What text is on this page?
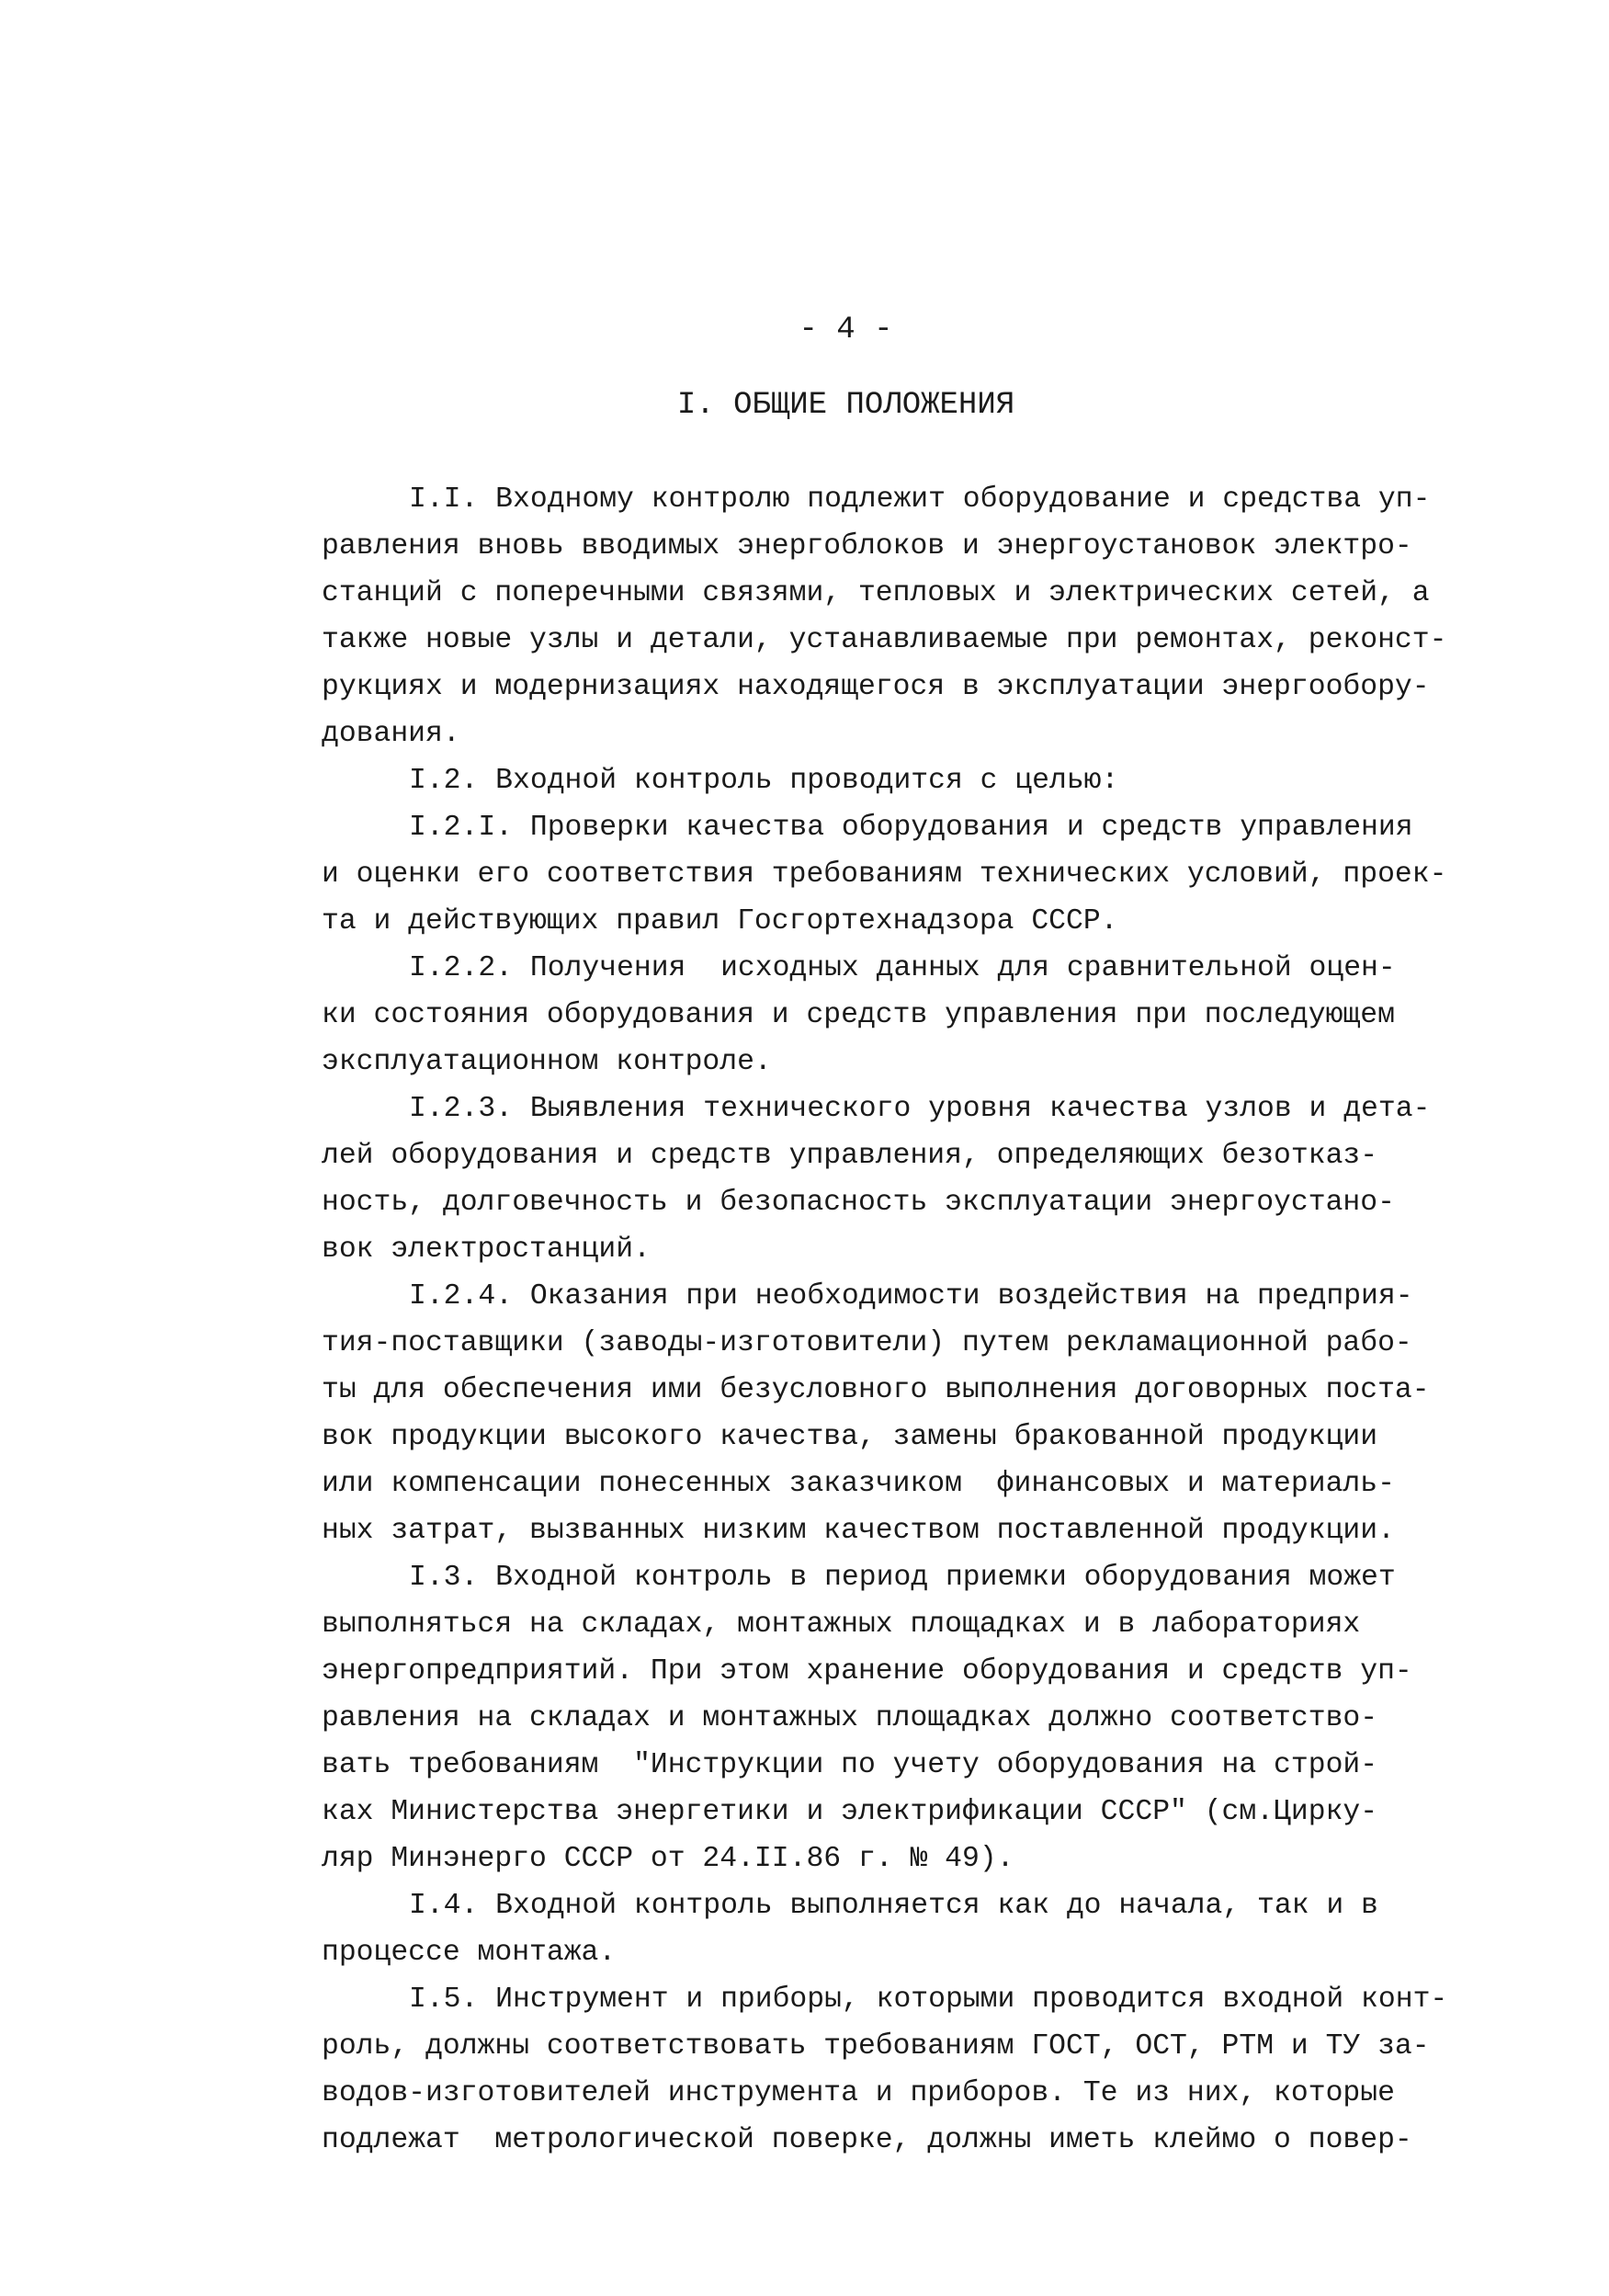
- 4 -
I. ОБЩИЕ ПОЛОЖЕНИЯ
I.I. Входному контролю подлежит оборудование и средства уп-
равления вновь вводимых энергоблоков и энергоустановок электро-
станций с поперечными связями, тепловых и электрических сетей, а
также новые узлы и детали, устанавливаемые при ремонтах, реконст-
рукциях и модернизациях находящегося в эксплуатации энергообору-
дования.
I.2. Входной контроль проводится с целью:
I.2.I. Проверки качества оборудования и средств управления
и оценки его соответствия требованиям технических условий, проек-
та и действующих правил Госгортехнадзора СССР.
I.2.2. Получения  исходных данных для сравнительной оцен-
ки состояния оборудования и средств управления при последующем
эксплуатационном контроле.
I.2.3. Выявления технического уровня качества узлов и дета-
лей оборудования и средств управления, определяющих безотказ-
ность, долговечность и безопасность эксплуатации энергоустано-
вок электростанций.
I.2.4. Оказания при необходимости воздействия на предприя-
тия-поставщики (заводы-изготовители) путем рекламационной рабо-
ты для обеспечения ими безусловного выполнения договорных поста-
вок продукции высокого качества, замены бракованной продукции
или компенсации понесенных заказчиком  финансовых и материаль-
ных затрат, вызванных низким качеством поставленной продукции.
I.3. Входной контроль в период приемки оборудования может
выполняться на складах, монтажных площадках и в лабораториях
энергопредприятий. При этом хранение оборудования и средств уп-
равления на складах и монтажных площадках должно соответство-
вать требованиям  "Инструкции по учету оборудования на строй-
ках Министерства энергетики и электрификации СССР" (см.Цирку-
ляр Минэнерго СССР от 24.II.86 г. № 49).
I.4. Входной контроль выполняется как до начала, так и в
процессе монтажа.
I.5. Инструмент и приборы, которыми проводится входной конт-
роль, должны соответствовать требованиям ГОСТ, ОСТ, РТМ и ТУ за-
водов-изготовителей инструмента и приборов. Те из них, которые
подлежат  метрологической поверке, должны иметь клеймо о повер-
